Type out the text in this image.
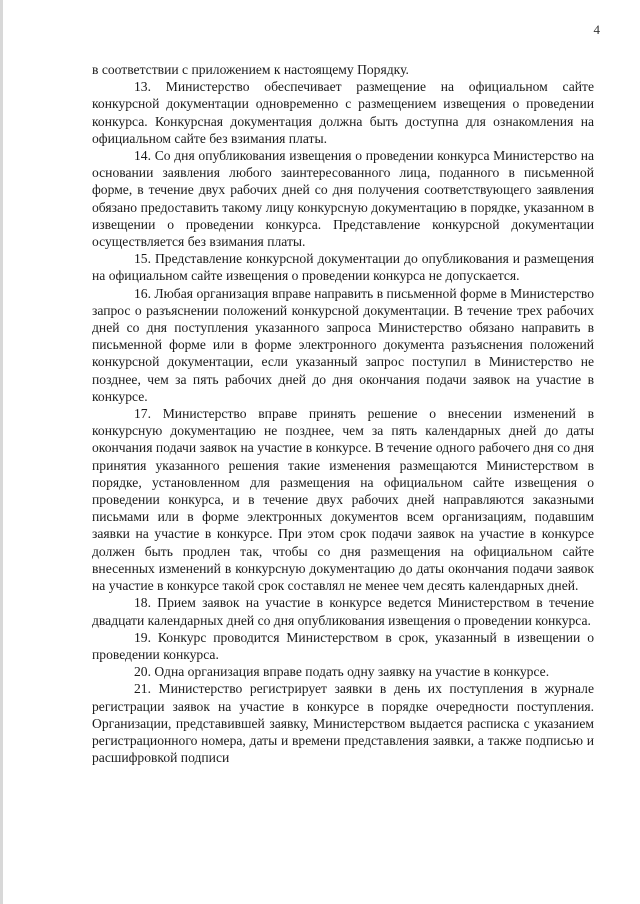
4

в соответствии с приложением к настоящему Порядку.

13. Министерство обеспечивает размещение на официальном сайте конкурсной документации одновременно с размещением извещения о проведении конкурса. Конкурсная документация должна быть доступна для ознакомления на официальном сайте без взимания платы.

14. Со дня опубликования извещения о проведении конкурса Министерство на основании заявления любого заинтересованного лица, поданного в письменной форме, в течение двух рабочих дней со дня получения соответствующего заявления обязано предоставить такому лицу конкурсную документацию в порядке, указанном в извещении о проведении конкурса. Представление конкурсной документации осуществляется без взимания платы.

15. Представление конкурсной документации до опубликования и размещения на официальном сайте извещения о проведении конкурса не допускается.

16. Любая организация вправе направить в письменной форме в Министерство запрос о разъяснении положений конкурсной документации. В течение трех рабочих дней со дня поступления указанного запроса Министерство обязано направить в письменной форме или в форме электронного документа разъяснения положений конкурсной документации, если указанный запрос поступил в Министерство не позднее, чем за пять рабочих дней до дня окончания подачи заявок на участие в конкурсе.

17. Министерство вправе принять решение о внесении изменений в конкурсную документацию не позднее, чем за пять календарных дней до даты окончания подачи заявок на участие в конкурсе. В течение одного рабочего дня со дня принятия указанного решения такие изменения размещаются Министерством в порядке, установленном для размещения на официальном сайте извещения о проведении конкурса, и в течение двух рабочих дней направляются заказными письмами или в форме электронных документов всем организациям, подавшим заявки на участие в конкурсе. При этом срок подачи заявок на участие в конкурсе должен быть продлен так, чтобы со дня размещения на официальном сайте внесенных изменений в конкурсную документацию до даты окончания подачи заявок на участие в конкурсе такой срок составлял не менее чем десять календарных дней.

18. Прием заявок на участие в конкурсе ведется Министерством в течение двадцати календарных дней со дня опубликования извещения о проведении конкурса.

19. Конкурс проводится Министерством в срок, указанный в извещении о проведении конкурса.

20. Одна организация вправе подать одну заявку на участие в конкурсе.

21. Министерство регистрирует заявки в день их поступления в журнале регистрации заявок на участие в конкурсе в порядке очередности поступления. Организации, представившей заявку, Министерством выдается расписка с указанием регистрационного номера, даты и времени представления заявки, а также подписью и расшифровкой подписи
